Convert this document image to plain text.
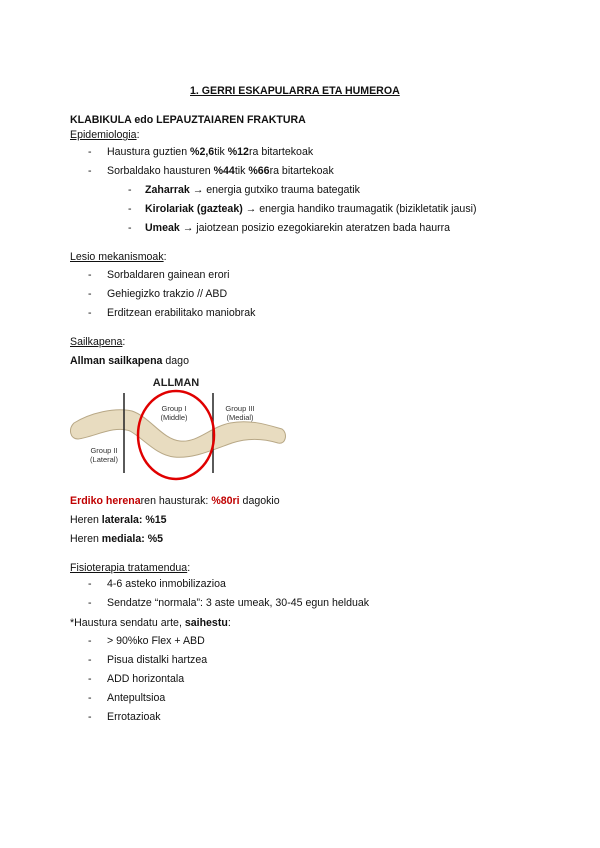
1. GERRI ESKAPULARRA ETA HUMEROA
KLABIKULA edo LEPAUZTAIAREN FRAKTURA
Epidemiologia:
- Haustura guztien %2,6tik %12ra bitartekoak
- Sorbaldako hausturen %44tik %66ra bitartekoak
- Zaharrak → energia gutxiko trauma bategatik
- Kirolariak (gazteak) → energia handiko traumagatik (bizikletatik jausi)
- Umeak → jaiotzean posizio ezegokiarekin ateratzen bada haurra
Lesio mekanismoak:
- Sorbaldaren gainean erori
- Gehiegizko trakzio // ABD
- Erditzean erabilitako maniobrak
Sailkapena:
Allman sailkapena dago
ALLMAN
Group I
(Middle)
Group III
(Medial)
Group II
(Lateral)
Erdiko herenaren hausturak: %80ri dagokio
Heren laterala: %15
Heren mediala: %5
Fisioterapia tratamendua:
- 4-6 asteko inmobilizazioa
- Sendatze “normala”: 3 aste umeak, 30-45 egun helduak
*Haustura sendatu arte, saihestu:
- > 90%ko Flex + ABD
- Pisua distalki hartzea
- ADD horizontala
- Antepultsioa
- Errotazioak
